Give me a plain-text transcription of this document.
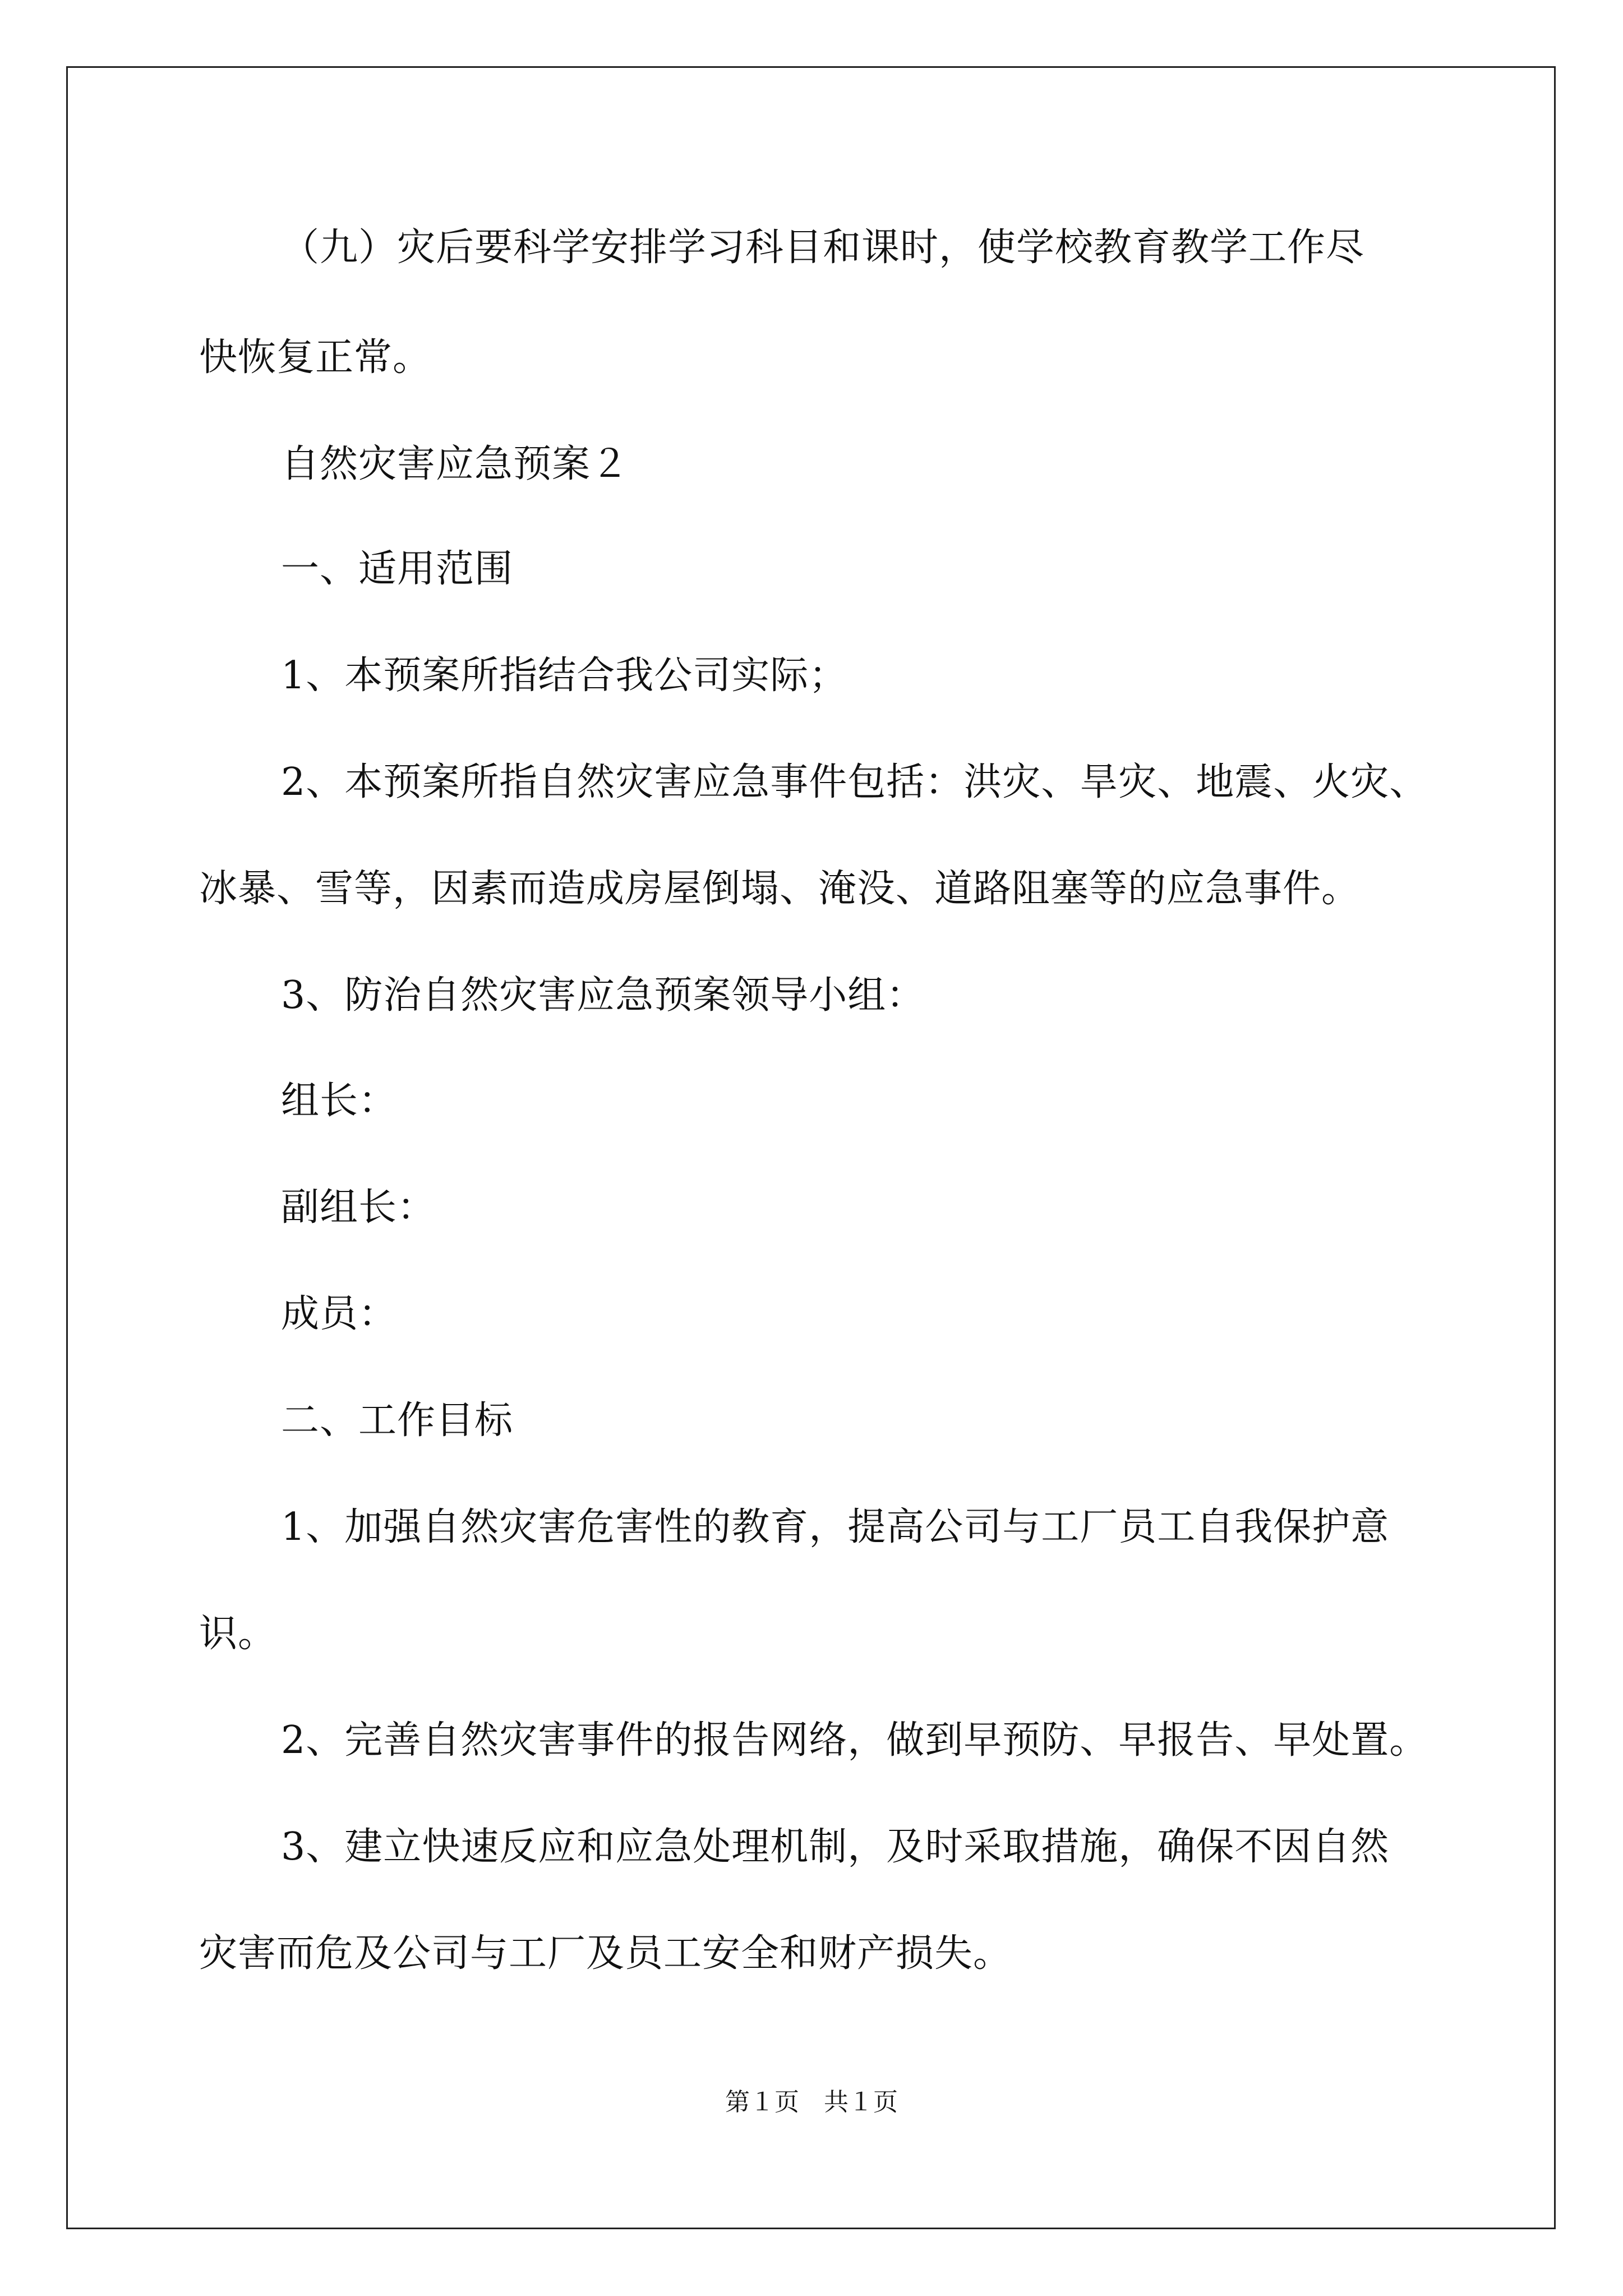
（九）灾后要科学安排学习科目和课时，使学校教育教学工作尽
快恢复正常。
自然灾害应急预案２
一、适用范围
1、本预案所指结合我公司实际；
2、本预案所指自然灾害应急事件包括：洪灾、旱灾、地震、火灾、
冰暴、雪等，因素而造成房屋倒塌、淹没、道路阻塞等的应急事件。
3、防治自然灾害应急预案领导小组：
组长：
副组长：
成员：
二、工作目标
1、加强自然灾害危害性的教育，提高公司与工厂员工自我保护意
识。
2、完善自然灾害事件的报告网络，做到早预防、早报告、早处置。
3、建立快速反应和应急处理机制，及时采取措施，确保不因自然
灾害而危及公司与工厂及员工安全和财产损失。
第１页　共１页
